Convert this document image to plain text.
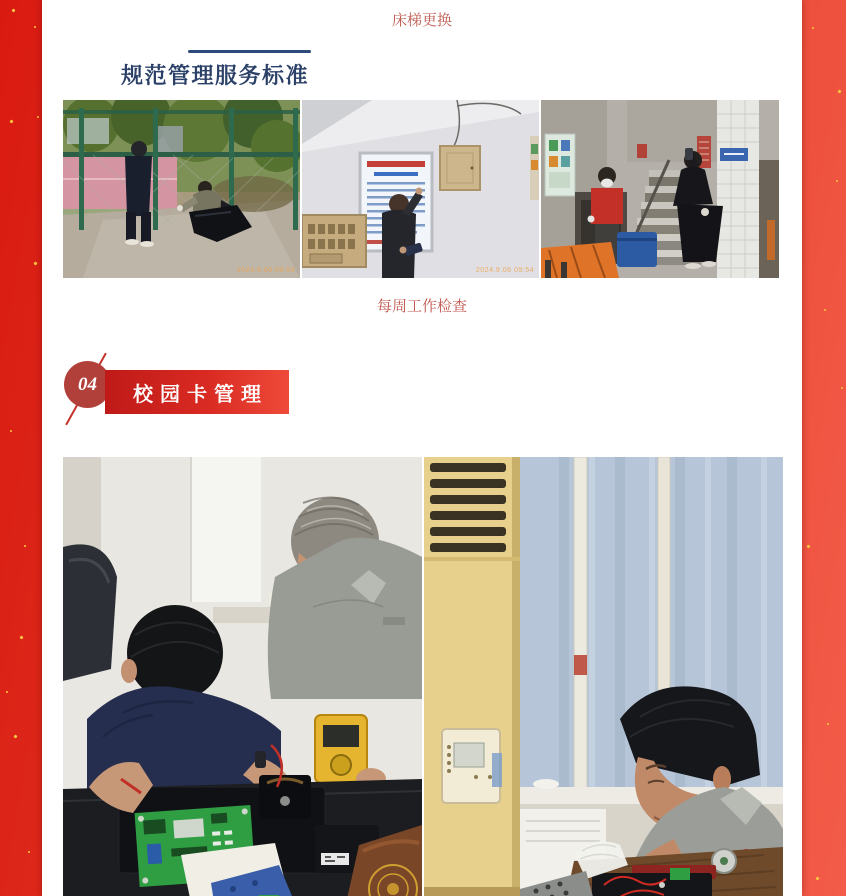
床梯更换
规范管理服务标准
2024.9.06 09:53	2024.9.06 09:54
每周工作检查
04 校园卡管理
